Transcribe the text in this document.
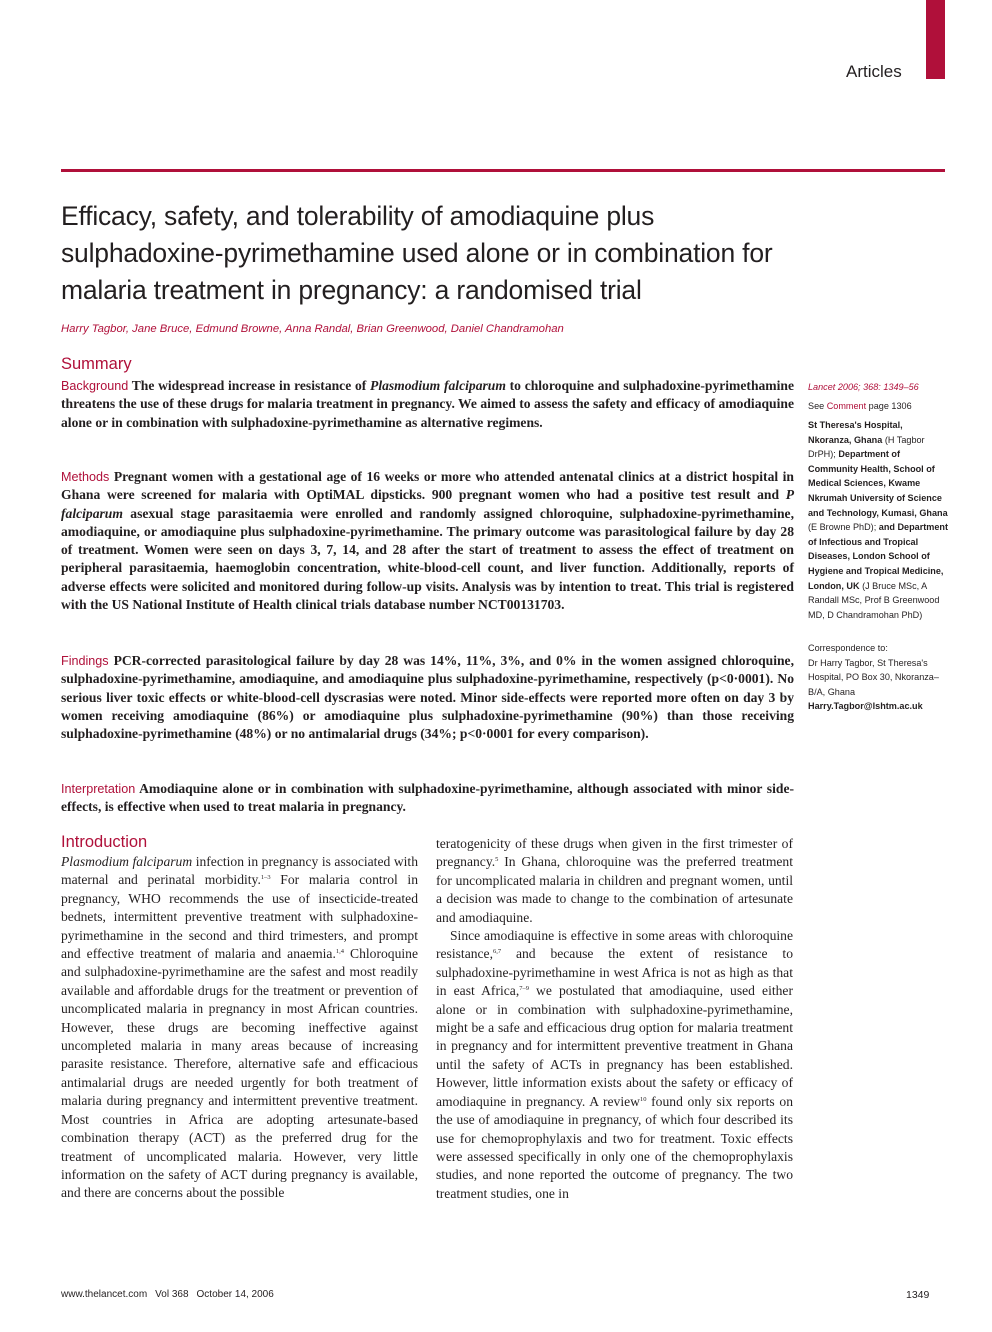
Articles
Efficacy, safety, and tolerability of amodiaquine plus sulphadoxine-pyrimethamine used alone or in combination for malaria treatment in pregnancy: a randomised trial
Harry Tagbor, Jane Bruce, Edmund Browne, Anna Randal, Brian Greenwood, Daniel Chandramohan
Summary

Background The widespread increase in resistance of Plasmodium falciparum to chloroquine and sulphadoxine-pyrimethamine threatens the use of these drugs for malaria treatment in pregnancy. We aimed to assess the safety and efficacy of amodiaquine alone or in combination with sulphadoxine-pyrimethamine as alternative regimens.

Methods Pregnant women with a gestational age of 16 weeks or more who attended antenatal clinics at a district hospital in Ghana were screened for malaria with OptiMAL dipsticks. 900 pregnant women who had a positive test result and P falciparum asexual stage parasitaemia were enrolled and randomly assigned chloroquine, sulphadoxine-pyrimethamine, amodiaquine, or amodiaquine plus sulphadoxine-pyrimethamine. The primary outcome was parasitological failure by day 28 of treatment. Women were seen on days 3, 7, 14, and 28 after the start of treatment to assess the effect of treatment on peripheral parasitaemia, haemoglobin concentration, white-blood-cell count, and liver function. Additionally, reports of adverse effects were solicited and monitored during follow-up visits. Analysis was by intention to treat. This trial is registered with the US National Institute of Health clinical trials database number NCT00131703.

Findings PCR-corrected parasitological failure by day 28 was 14%, 11%, 3%, and 0% in the women assigned chloroquine, sulphadoxine-pyrimethamine, amodiaquine, and amodiaquine plus sulphadoxine-pyrimethamine, respectively (p<0·0001). No serious liver toxic effects or white-blood-cell dyscrasias were noted. Minor side-effects were reported more often on day 3 by women receiving amodiaquine (86%) or amodiaquine plus sulphadoxine-pyrimethamine (90%) than those receiving sulphadoxine-pyrimethamine (48%) or no antimalarial drugs (34%; p<0·0001 for every comparison).

Interpretation Amodiaquine alone or in combination with sulphadoxine-pyrimethamine, although associated with minor side-effects, is effective when used to treat malaria in pregnancy.

Lancet 2006; 368: 1349–56
See Comment page 1306
St Theresa's Hospital, Nkoranza, Ghana (H Tagbor DrPH); Department of Community Health, School of Medical Sciences, Kwame Nkrumah University of Science and Technology, Kumasi, Ghana (E Browne PhD); and Department of Infectious and Tropical Diseases, London School of Hygiene and Tropical Medicine, London, UK (J Bruce MSc, A Randall MSc, Prof B Greenwood MD, D Chandramohan PhD)
Correspondence to:
Dr Harry Tagbor, St Theresa's Hospital, PO Box 30, Nkoranza–B/A, Ghana
Harry.Tagbor@lshtm.ac.uk
Introduction

Plasmodium falciparum infection in pregnancy is associated with maternal and perinatal morbidity.$^{1-3}$ For malaria control in pregnancy, WHO recommends the use of insecticide-treated bednets, intermittent preventive treatment with sulphadoxine-pyrimethamine in the second and third trimesters, and prompt and effective treatment of malaria and anaemia.$^{1,4}$ Chloroquine and sulphadoxine-pyrimethamine are the safest and most readily available and affordable drugs for the treatment or prevention of uncomplicated malaria in pregnancy in most African countries. However, these drugs are becoming ineffective against uncompleted malaria in many areas because of increasing parasite resistance. Therefore, alternative safe and efficacious antimalarial drugs are needed urgently for both treatment of malaria during pregnancy and intermittent preventive treatment. Most countries in Africa are adopting artesunate-based combination therapy (ACT) as the preferred drug for the treatment of uncomplicated malaria. However, very little information on the safety of ACT during pregnancy is available, and there are concerns about the possible

teratogenicity of these drugs when given in the first trimester of pregnancy.$^5$ In Ghana, chloroquine was the preferred treatment for uncomplicated malaria in children and pregnant women, until a decision was made to change to the combination of artesunate and amodiaquine.

Since amodiaquine is effective in some areas with chloroquine resistance,$^{6,7}$ and because the extent of resistance to sulphadoxine-pyrimethamine in west Africa is not as high as that in east Africa,$^{7-9}$ we postulated that amodiaquine, used either alone or in combination with sulphadoxine-pyrimethamine, might be a safe and efficacious drug option for malaria treatment in pregnancy and for intermittent preventive treatment in Ghana until the safety of ACTs in pregnancy has been established. However, little information exists about the safety or efficacy of amodiaquine in pregnancy. A review$^{10}$ found only six reports on the use of amodiaquine in pregnancy, of which four described its use for chemoprophylaxis and two for treatment. Toxic effects were assessed specifically in only one of the chemoprophylaxis studies, and none reported the outcome of pregnancy. The two treatment studies, one in

www.thelancet.com Vol 368 October 14, 2006	1349
